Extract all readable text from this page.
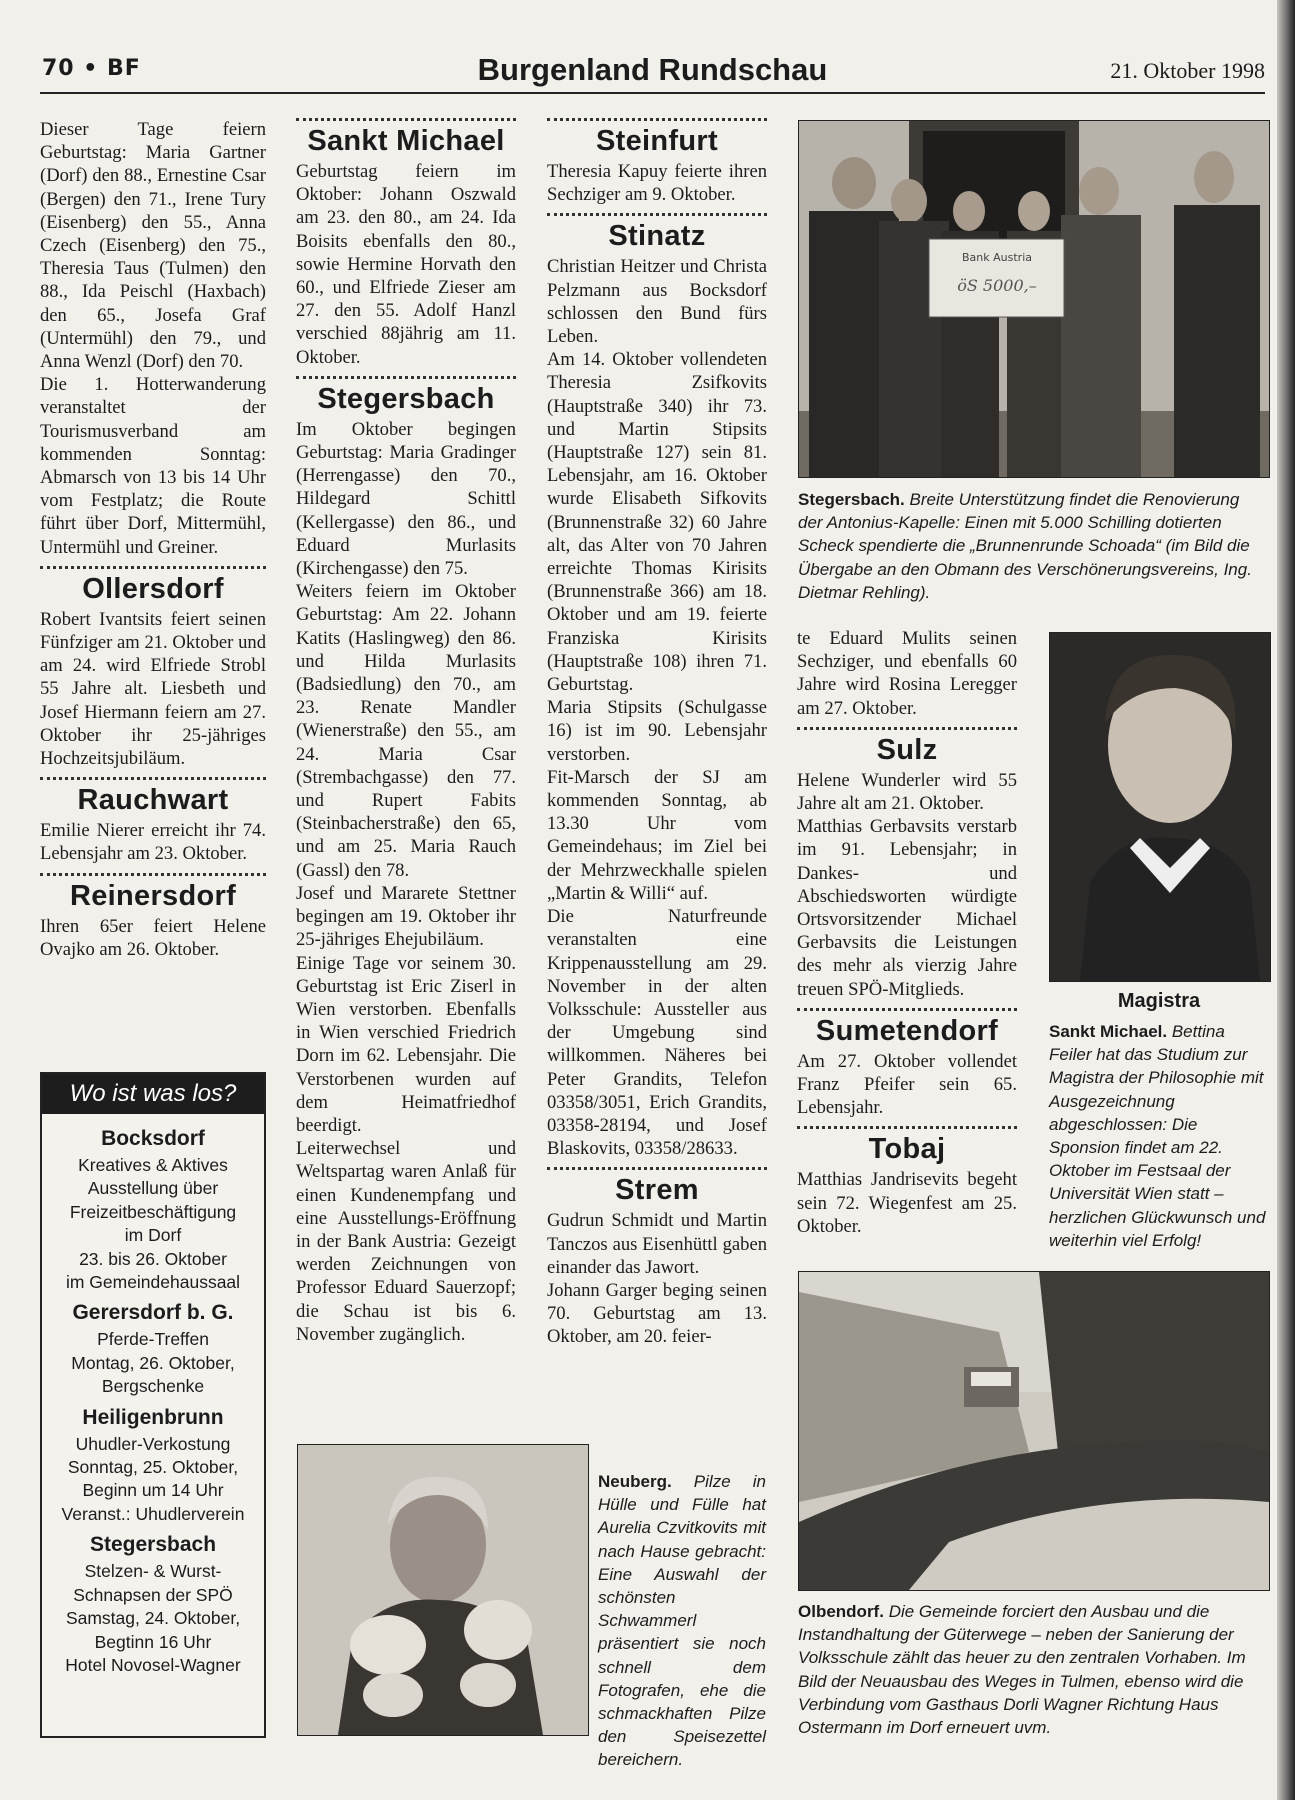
70 • BF	Burgenland Rundschau	21. Oktober 1998

Dieser Tage feiern Geburtstag: Maria Gartner (Dorf) den 88., Ernestine Csar (Bergen) den 71., Irene Tury (Eisenberg) den 55., Anna Czech (Eisenberg) den 75., Theresia Taus (Tulmen) den 88., Ida Peischl (Haxbach) den 65., Josefa Graf (Untermühl) den 79., und Anna Wenzl (Dorf) den 70.

Die 1. Hotterwanderung veranstaltet der Tourismusverband am kommenden Sonntag: Abmarsch von 13 bis 14 Uhr vom Festplatz; die Route führt über Dorf, Mittermühl, Untermühl und Greiner.

Ollersdorf

Robert Ivantsits feiert seinen Fünfziger am 21. Oktober und am 24. wird Elfriede Strobl 55 Jahre alt. Liesbeth und Josef Hiermann feiern am 27. Oktober ihr 25-jähriges Hochzeitsjubiläum.

Rauchwart

Emilie Nierer erreicht ihr 74. Lebensjahr am 23. Oktober.

Reinersdorf

Ihren 65er feiert Helene Ovajko am 26. Oktober.

Wo ist was los?
Bocksdorf

Kreatives & Aktives

Ausstellung über

Freizeitbeschäftigung

im Dorf

23. bis 26. Oktober

im Gemeindehaussaal

Gerersdorf b. G.

Pferde-Treffen

Montag, 26. Oktober,

Bergschenke

Heiligenbrunn

Uhudler-Verkostung

Sonntag, 25. Oktober,

Beginn um 14 Uhr

Veranst.: Uhudlerverein

Stegersbach

Stelzen- & Wurst-

Schnapsen der SPÖ

Samstag, 24. Oktober,

Begtinn 16 Uhr

Hotel Novosel-Wagner

Sankt Michael

Geburtstag feiern im Oktober: Johann Oszwald am 23. den 80., am 24. Ida Boisits ebenfalls den 80., sowie Hermine Horvath den 60., und Elfriede Zieser am 27. den 55. Adolf Hanzl verschied 88jährig am 11. Oktober.

Stegersbach

Im Oktober begingen Geburtstag: Maria Gradinger (Herrengasse) den 70., Hildegard Schittl (Kellergasse) den 86., und Eduard Murlasits (Kirchengasse) den 75.

Weiters feiern im Oktober Geburtstag: Am 22. Johann Katits (Haslingweg) den 86. und Hilda Murlasits (Badsiedlung) den 70., am 23. Renate Mandler (Wienerstraße) den 55., am 24. Maria Csar (Strembachgasse) den 77. und Rupert Fabits (Steinbacherstraße) den 65, und am 25. Maria Rauch (Gassl) den 78.

Josef und Mararete Stettner begingen am 19. Oktober ihr 25-jähriges Ehejubiläum.

Einige Tage vor seinem 30. Geburtstag ist Eric Ziserl in Wien verstorben. Ebenfalls in Wien verschied Friedrich Dorn im 62. Lebensjahr. Die Verstorbenen wurden auf dem Heimatfriedhof beerdigt.

Leiterwechsel und Weltspartag waren Anlaß für einen Kundenempfang und eine Ausstellungs-Eröffnung in der Bank Austria: Gezeigt werden Zeichnungen von Professor Eduard Sauerzopf; die Schau ist bis 6. November zugänglich.

Steinfurt

Theresia Kapuy feierte ihren Sechziger am 9. Oktober.

Stinatz

Christian Heitzer und Christa Pelzmann aus Bocksdorf schlossen den Bund fürs Leben.

Am 14. Oktober vollendeten Theresia Zsifkovits (Hauptstraße 340) ihr 73. und Martin Stipsits (Hauptstraße 127) sein 81. Lebensjahr, am 16. Oktober wurde Elisabeth Sifkovits (Brunnenstraße 32) 60 Jahre alt, das Alter von 70 Jahren erreichte Thomas Kirisits (Brunnenstraße 366) am 18. Oktober und am 19. feierte Franziska Kirisits (Hauptstraße 108) ihren 71. Geburtstag.

Maria Stipsits (Schulgasse 16) ist im 90. Lebensjahr verstorben.

Fit-Marsch der SJ am kommenden Sonntag, ab 13.30 Uhr vom Gemeindehaus; im Ziel bei der Mehrzweckhalle spielen „Martin & Willi“ auf.

Die Naturfreunde veranstalten eine Krippenausstellung am 29. November in der alten Volksschule: Aussteller aus der Umgebung sind willkommen. Näheres bei Peter Grandits, Telefon 03358/3051, Erich Grandits, 03358-28194, und Josef Blaskovits, 03358/28633.

Strem

Gudrun Schmidt und Martin Tanczos aus Eisenhüttl gaben einander das Jawort.

Johann Garger beging seinen 70. Geburtstag am 13. Oktober, am 20. feier-

Bank Austria
öS 5000,–
Stegersbach. Breite Unterstützung findet die Renovierung der Antonius-Kapelle: Einen mit 5.000 Schilling dotierten Scheck spendierte die „Brunnenrunde Schoada“ (im Bild die Übergabe an den Obmann des Verschönerungsvereins, Ing. Dietmar Rehling).

te Eduard Mulits seinen Sechziger, und ebenfalls 60 Jahre wird Rosina Leregger am 27. Oktober.

Sulz

Helene Wunderler wird 55 Jahre alt am 21. Oktober.

Matthias Gerbavsits verstarb im 91. Lebensjahr; in Dankes- und Abschiedsworten würdigte Ortsvorsitzender Michael Gerbavsits die Leistungen des mehr als vierzig Jahre treuen SPÖ-Mitglieds.

Sumetendorf

Am 27. Oktober vollendet Franz Pfeifer sein 65. Lebensjahr.

Tobaj

Matthias Jandrisevits begeht sein 72. Wiegenfest am 25. Oktober.

Magistra
Sankt Michael. Bettina Feiler hat das Studium zur Magistra der Philosophie mit Ausgezeichnung abgeschlossen: Die Sponsion findet am 22. Oktober im Festsaal der Universität Wien statt – herzlichen Glückwunsch und weiterhin viel Erfolg!
Olbendorf. Die Gemeinde forciert den Ausbau und die Instandhaltung der Güterwege – neben der Sanierung der Volksschule zählt das heuer zu den zentralen Vorhaben. Im Bild der Neuausbau des Weges in Tulmen, ebenso wird die Verbindung vom Gasthaus Dorli Wagner Richtung Haus Ostermann im Dorf erneuert uvm.
Neuberg. Pilze in Hülle und Fülle hat Aurelia Czvitkovits mit nach Hause gebracht: Eine Auswahl der schönsten Schwammerl präsentiert sie noch schnell dem Fotografen, ehe die schmackhaften Pilze den Speisezettel bereichern.
